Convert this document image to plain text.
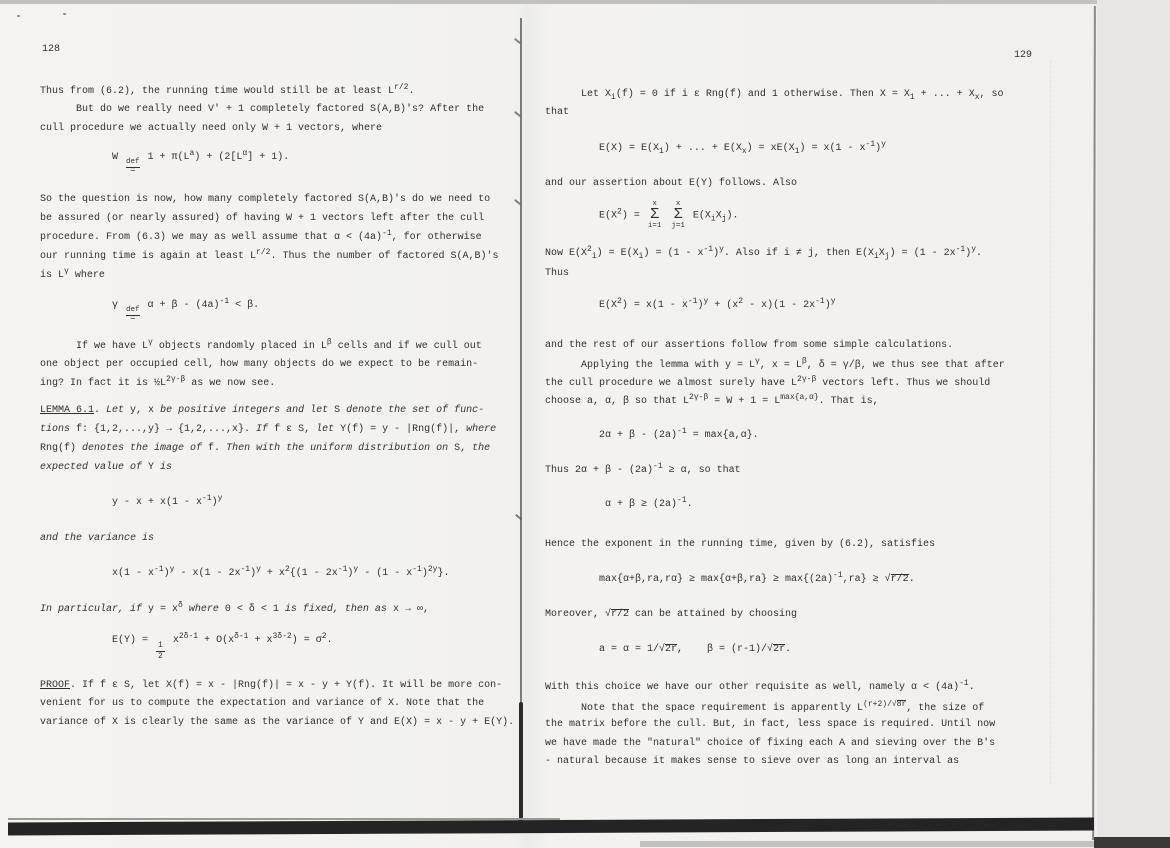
128
Thus from (6.2), the running time would still be at least $L^{r/2}$.
But do we really need V' + 1 completely factored S(A,B)'s? After the
cull procedure we actually need only W + 1 vectors, where
W def
=
$1 + \pi(L^a) + (2[L^\alpha] + 1)$.
So the question is now, how many completely factored S(A,B)'s do we need to
be assured (or nearly assured) of having W + 1 vectors left after the cull
procedure. From (6.3) we may as well assume that $\alpha < (4a)^{-1}$, for otherwise
our running time is again at least $L^{r/2}$. Thus the number of factored S(A,B)'s
is $L^\gamma$ where
γ def
=
$\alpha + \beta - (4a)^{-1} < \beta$.
If we have $L^\gamma$ objects randomly placed in $L^\beta$ cells and if we cull out
one object per occupied cell, how many objects do we expect to be remain-
ing? In fact it is $\frac{1}{2}L^{2\gamma-\beta}$ as we now see.
LEMMA 6.1. Let y, x be positive integers and let S denote the set of func-
tions f: {1,2,...,y} → {1,2,...,x}. If f ε S, let Y(f) = y - |Rng(f)|, where
Rng(f) denotes the image of f. Then with the uniform distribution on S, the
expected value of Y is
$y - x + x(1 - x^{-1})^y$
and the variance is
$x(1 - x^{-1})^y - x(1 - 2x^{-1})^y + x^2\{(1 - 2x^{-1})^y - (1 - x^{-1})^{2y}\}$.
In particular, if $y = x^\delta$ where 0 < δ < 1 is fixed, then as x → ∞,
E(Y) =
$\frac{1}{2}$
$x^{2\delta-1} + O(x^{\delta-1} + x^{3\delta-2}) = \sigma^2$.
PROOF. If f ε S, let X(f) = x - |Rng(f)| = x - y + Y(f). It will be more con-
venient for us to compute the expectation and variance of X. Note that the
variance of X is clearly the same as the variance of Y and E(X) = x - y + E(Y).
129
Let $X_i(f) = 0$ if i ε Rng(f) and 1 otherwise. Then $X = X_1$ + ... + $X_x$, so
that
$E(X) = E(X_1)$ + ... + $E(X_x) = xE(X_1) = x(1 - x^{-1})^y$
and our assertion about E(Y) follows. Also
$E(X^2)$ =
x
Σ
i=1

x
Σ
j=1
$E(X_iX_j)$.
Now $E(X^2_i) = E(X_i) = (1 - x^{-1})^y$. Also if i ≠ j, then $E(X_iX_j) = (1 - 2x^{-1})^y$.
Thus
$E(X^2) = x(1 - x^{-1})^y + (x^2 - x)(1 - 2x^{-1})^y$
and the rest of our assertions follow from some simple calculations.
Applying the lemma with $y = L^\gamma$, $x = L^\beta$, δ = γ/β, we thus see that after
the cull procedure we almost surely have $L^{2\gamma-\beta}$ vectors left. Thus we should
choose a, α, β so that $L^{2\gamma-\beta} = W + 1 = L^{max\{a,\alpha\}}$. That is,
$2\alpha + \beta - (2a)^{-1} = \max\{a,\alpha\}$.
Thus $2\alpha + \beta - (2a)^{-1} \ge \alpha$, so that
$\alpha + \beta \ge (2a)^{-1}$.
Hence the exponent in the running time, given by (6.2), satisfies
$\max\{\alpha+\beta,ra,r\alpha\} \ge \max\{\alpha+\beta,ra\} \ge \max\{(2a)^{-1},ra\} \ge √r/2$.
Moreover, √r/2 can be attained by choosing
a = α = 1/√2r,    β = (r-1)/√2r.
With this choice we have our other requisite as well, namely $\alpha < (4a)^{-1}$.
Note that the space requirement is apparently $L^{(r+2)/√8r}$, the size of
the matrix before the cull. But, in fact, less space is required. Until now
we have made the "natural" choice of fixing each A and sieving over the B's
- natural because it makes sense to sieve over as long an interval as
